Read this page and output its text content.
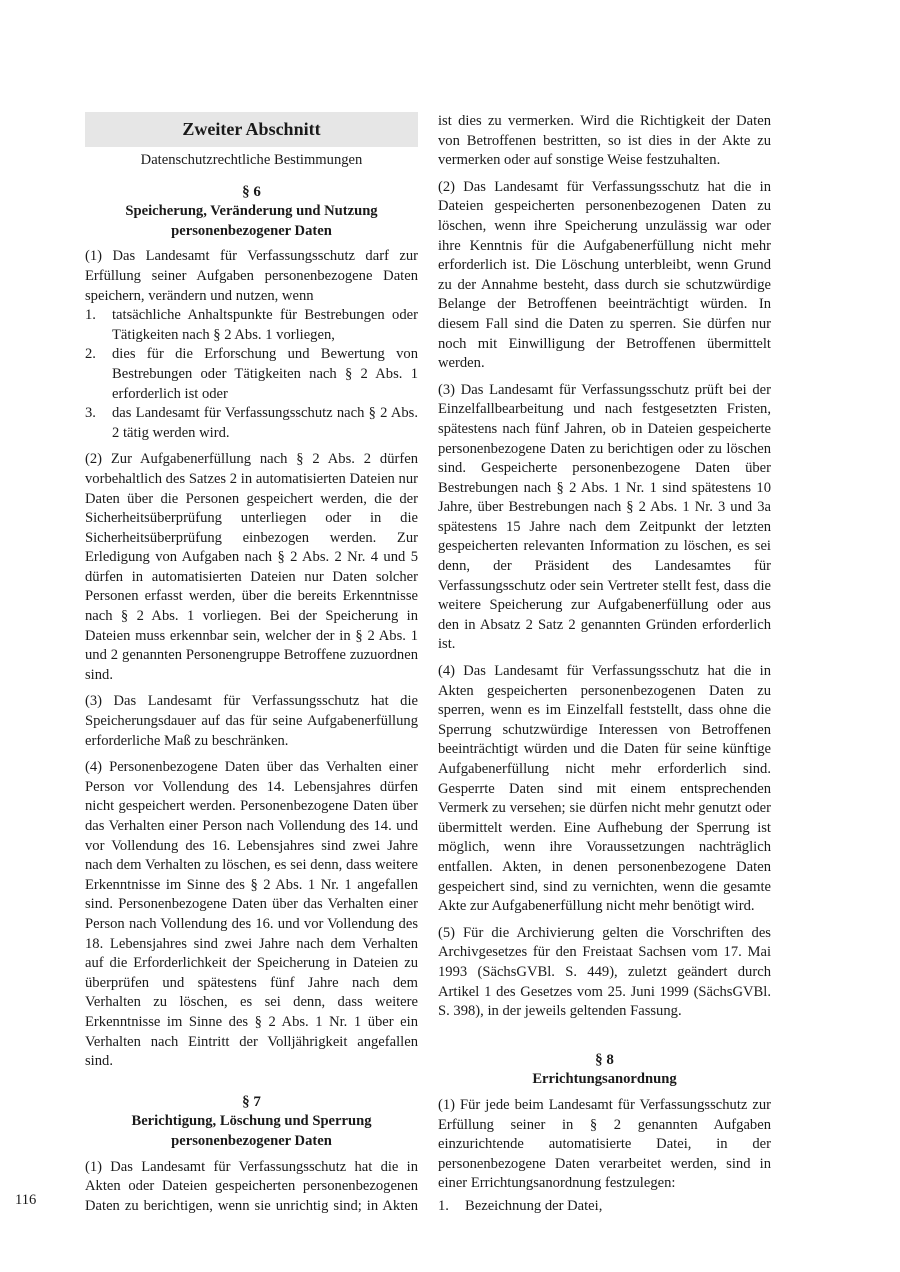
Zweiter Abschnitt
Datenschutzrechtliche Bestimmungen
§ 6
Speicherung, Veränderung und Nutzung
personenbezogener Daten

(1) Das Landesamt für Verfassungsschutz darf zur Erfüllung seiner Aufgaben personenbezogene Daten speichern, verändern und nutzen, wenn

1.	tatsächliche Anhaltspunkte für Bestrebungen oder Tätigkeiten nach § 2 Abs. 1 vorliegen,
2.	dies für die Erforschung und Bewertung von Bestrebungen oder Tätigkeiten nach § 2 Abs. 1 erforderlich ist oder
3.	das Landesamt für Verfassungsschutz nach § 2 Abs. 2 tätig werden wird.

(2) Zur Aufgabenerfüllung nach § 2 Abs. 2 dürfen vorbehaltlich des Satzes 2 in automatisierten Dateien nur Daten über die Personen gespeichert werden, die der Sicherheitsüberprüfung unterliegen oder in die Sicherheitsüberprüfung einbezogen werden. Zur Erledigung von Aufgaben nach § 2 Abs. 2 Nr. 4 und 5 dürfen in automatisierten Dateien nur Daten solcher Personen erfasst werden, über die bereits Erkenntnisse nach § 2 Abs. 1 vorliegen. Bei der Speicherung in Dateien muss erkennbar sein, welcher der in § 2 Abs. 1 und 2 genannten Personengruppe Betroffene zuzuordnen sind.

(3) Das Landesamt für Verfassungsschutz hat die Speicherungsdauer auf das für seine Aufgabenerfüllung erforderliche Maß zu beschränken.

(4) Personenbezogene Daten über das Verhalten einer Person vor Vollendung des 14. Lebensjahres dürfen nicht gespeichert werden. Personenbezogene Daten über das Verhalten einer Person nach Vollendung des 14. und vor Vollendung des 16. Lebensjahres sind zwei Jahre nach dem Verhalten zu löschen, es sei denn, dass weitere Erkenntnisse im Sinne des § 2 Abs. 1 Nr. 1 angefallen sind. Personenbezogene Daten über das Verhalten einer Person nach Vollendung des 16. und vor Vollendung des 18. Lebensjahres sind zwei Jahre nach dem Verhalten auf die Erforderlichkeit der Speicherung in Dateien zu überprüfen und spätestens fünf Jahre nach dem Verhalten zu löschen, es sei denn, dass weitere Erkenntnisse im Sinne des § 2 Abs. 1 Nr. 1 über ein Verhalten nach Eintritt der Volljährigkeit angefallen sind.

§ 7
Berichtigung, Löschung und Sperrung
personenbezogener Daten

(1) Das Landesamt für Verfassungsschutz hat die in Akten oder Dateien gespeicherten personenbezogenen Daten zu berichtigen, wenn sie unrichtig sind; in Akten

ist dies zu vermerken. Wird die Richtigkeit der Daten von Betroffenen bestritten, so ist dies in der Akte zu vermerken oder auf sonstige Weise festzuhalten.

(2) Das Landesamt für Verfassungsschutz hat die in Dateien gespeicherten personenbezogenen Daten zu löschen, wenn ihre Speicherung unzulässig war oder ihre Kenntnis für die Aufgabenerfüllung nicht mehr erforderlich ist. Die Löschung unterbleibt, wenn Grund zu der Annahme besteht, dass durch sie schutzwürdige Belange der Betroffenen beeinträchtigt würden. In diesem Fall sind die Daten zu sperren. Sie dürfen nur noch mit Einwilligung der Betroffenen übermittelt werden.

(3) Das Landesamt für Verfassungsschutz prüft bei der Einzelfallbearbeitung und nach festgesetzten Fristen, spätestens nach fünf Jahren, ob in Dateien gespeicherte personenbezogene Daten zu berichtigen oder zu löschen sind. Gespeicherte personenbezogene Daten über Bestrebungen nach § 2 Abs. 1 Nr. 1 sind spätestens 10 Jahre, über Bestrebungen nach § 2 Abs. 1 Nr. 3 und 3a spätestens 15 Jahre nach dem Zeitpunkt der letzten gespeicherten relevanten Information zu löschen, es sei denn, der Präsident des Landesamtes für Verfassungsschutz oder sein Vertreter stellt fest, dass die weitere Speicherung zur Aufgabenerfüllung oder aus den in Absatz 2 Satz 2 genannten Gründen erforderlich ist.

(4) Das Landesamt für Verfassungsschutz hat die in Akten gespeicherten personenbezogenen Daten zu sperren, wenn es im Einzelfall feststellt, dass ohne die Sperrung schutzwürdige Interessen von Betroffenen beeinträchtigt würden und die Daten für seine künftige Aufgabenerfüllung nicht mehr erforderlich sind. Gesperrte Daten sind mit einem entsprechenden Vermerk zu versehen; sie dürfen nicht mehr genutzt oder übermittelt werden. Eine Aufhebung der Sperrung ist möglich, wenn ihre Voraussetzungen nachträglich entfallen. Akten, in denen personenbezogene Daten gespeichert sind, sind zu vernichten, wenn die gesamte Akte zur Aufgabenerfüllung nicht mehr benötigt wird.

(5) Für die Archivierung gelten die Vorschriften des Archivgesetzes für den Freistaat Sachsen vom 17. Mai 1993 (SächsGVBl. S. 449), zuletzt geändert durch Artikel 1 des Gesetzes vom 25. Juni 1999 (SächsGVBl. S. 398), in der jeweils geltenden Fassung.

§ 8
Errichtungsanordnung

(1) Für jede beim Landesamt für Verfassungsschutz zur Erfüllung seiner in § 2 genannten Aufgaben einzurichtende automatisierte Datei, in der personenbezogene Daten verarbeitet werden, sind in einer Errichtungsanordnung festzulegen:

1.	Bezeichnung der Datei,
116
